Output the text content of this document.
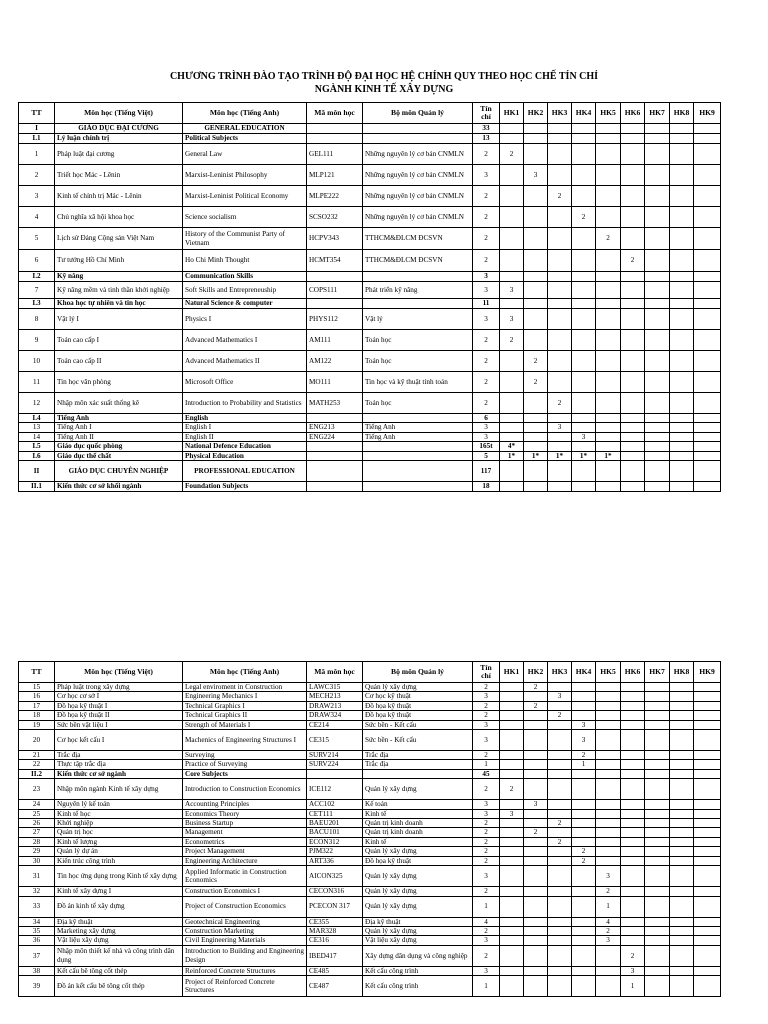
CHƯƠNG TRÌNH ĐÀO TẠO TRÌNH ĐỘ ĐẠI HỌC HỆ CHÍNH QUY THEO HỌC CHẾ TÍN CHỈ
NGÀNH KINH TẾ XÂY DỰNG
TT	Môn học (Tiếng Việt)	Môn học (Tiếng Anh)	Mã môn học	Bộ môn Quản lý	Tín chỉ	HK1	HK2	HK3	HK4	HK5	HK6	HK7	HK8	HK9
I	GIÁO DỤC ĐẠI CƯƠNG	GENERAL EDUCATION			33									
I.1	Lý luận chính trị	Political Subjects			13									
1	Pháp luật đại cương	General Law	GEL111	Những nguyên lý cơ bản CNMLN	2	2								
2	Triết học Mác - Lênin	Marxist-Leninist Philosophy	MLP121	Những nguyên lý cơ bản CNMLN	3		3							
3	Kinh tế chính trị Mác - Lênin	Marxist-Leninist Political Economy	MLPE222	Những nguyên lý cơ bản CNMLN	2			2						
4	Chủ nghĩa xã hội khoa học	Science socialism	SCSO232	Những nguyên lý cơ bản CNMLN	2				2					
5	Lịch sử Đảng Cộng sản Việt Nam	History of the Communist Party of Vietnam	HCPV343	TTHCM&ĐLCM ĐCSVN	2					2				
6	Tư tưởng Hồ Chí Minh	Ho Chi Minh Thought	HCMT354	TTHCM&ĐLCM ĐCSVN	2						2			
I.2	Kỹ năng	Communication Skills			3									
7	Kỹ năng mềm và tinh thần khởi nghiệp	Soft Skills and Entrepreneuship	COPS111	Phát triển kỹ năng	3	3								
I.3	Khoa học tự nhiên và tin học	Natural Science & computer			11									
8	Vật lý I	Physics I	PHYS112	Vật lý	3	3								
9	Toán cao cấp I	Advanced Mathematics I	AM111	Toán học	2	2								
10	Toán cao cấp II	Advanced Mathematics II	AM122	Toán học	2		2							
11	Tin học văn phòng	Microsoft Office	MO111	Tin học và kỹ thuật tính toán	2		2							
12	Nhập môn xác suất thống kê	Introduction to Probability and Statistics	MATH253	Toán học	2			2						
I.4	Tiếng Anh	English			6									
13	Tiếng Anh I	English I	ENG213	Tiếng Anh	3			3						
14	Tiếng Anh II	English II	ENG224	Tiếng Anh	3				3					
I.5	Giáo dục quốc phòng	National Defence Education			165t	4*								
I.6	Giáo dục thể chất	Physical Education			5	1*	1*	1*	1*	1*				
II	GIÁO DỤC CHUYÊN NGHIỆP	PROFESSIONAL EDUCATION			117									
II.1	Kiến thức cơ sở khối ngành	Foundation Subjects			18									
TT	Môn học (Tiếng Việt)	Môn học (Tiếng Anh)	Mã môn học	Bộ môn Quản lý	Tín chỉ	HK1	HK2	HK3	HK4	HK5	HK6	HK7	HK8	HK9
15	Pháp luật trong xây dựng	Legal enviroment in Construction	LAWC315	Quản lý xây dựng	2		2							
16	Cơ học cơ sở I	Engineering Mechanics I	MECH213	Cơ học kỹ thuật	3			3						
17	Đồ họa kỹ thuật I	Technical Graphics I	DRAW213	Đồ họa kỹ thuật	2		2							
18	Đồ họa kỹ thuật II	Technical Graphics II	DRAW324	Đồ họa kỹ thuật	2			2						
19	Sức bền vật liệu I	Strength of Materials I	CE214	Sức bền - Kết cấu	3				3					
20	Cơ học kết cấu I	Machenics of Engineering Structures I	CE315	Sức bền - Kết cấu	3				3					
21	Trắc địa	Surveying	SURV214	Trắc địa	2				2					
22	Thực tập trắc địa	Practice of Surveying	SURV224	Trắc địa	1				1					
II.2	Kiến thức cơ sở ngành	Core Subjects			45									
23	Nhập môn ngành Kinh tế xây dựng	Introduction to Construction Economics	ICE112	Quản lý xây dựng	2	2								
24	Nguyên lý kế toán	Accounting Principles	ACC102	Kế toán	3		3							
25	Kinh tế học	Economics Theory	CET111	Kinh tế	3	3								
26	Khởi nghiệp	Business Startup	BAEU201	Quản trị kinh doanh	2			2						
27	Quản trị học	Management	BACU101	Quản trị kinh doanh	2		2							
28	Kinh tế lượng	Econometrics	ECON312	Kinh tế	2			2						
29	Quản lý dự án	Project Management	PJM322	Quản lý xây dựng	2				2					
30	Kiến trúc công trình	Engineering Architecture	ART336	Đồ họa kỹ thuật	2				2					
31	Tin học ứng dụng trong Kinh tế xây dựng	Applied Informatic in Construction Economics	AICON325	Quản lý xây dựng	3					3				
32	Kinh tế xây dựng I	Construction Economics I	CECON316	Quản lý xây dựng	2					2				
33	Đồ án kinh tế xây dựng	Project of Construction Economics	PCECON 317	Quản lý xây dựng	1					1				
34	Địa kỹ thuật	Geotechnical Engineering	CE355	Địa kỹ thuật	4					4				
35	Marketing xây dựng	Construction Marketing	MAR328	Quản lý xây dựng	2					2				
36	Vật liệu xây dựng	Civil Engineering Materials	CE316	Vật liệu xây dựng	3					3				
37	Nhập môn thiết kế nhà và công trình dân dụng	Introduction to Building and Engineering Design	IBED417	Xây dựng dân dụng và công nghiệp	2						2			
38	Kết cấu bê tông cốt thép	Reinforced Concrete Structures	CE485	Kết cấu công trình	3						3			
39	Đồ án kết cấu bê tông cốt thép	Project of Reinforced Concrete Structures	CE487	Kết cấu công trình	1						1			
